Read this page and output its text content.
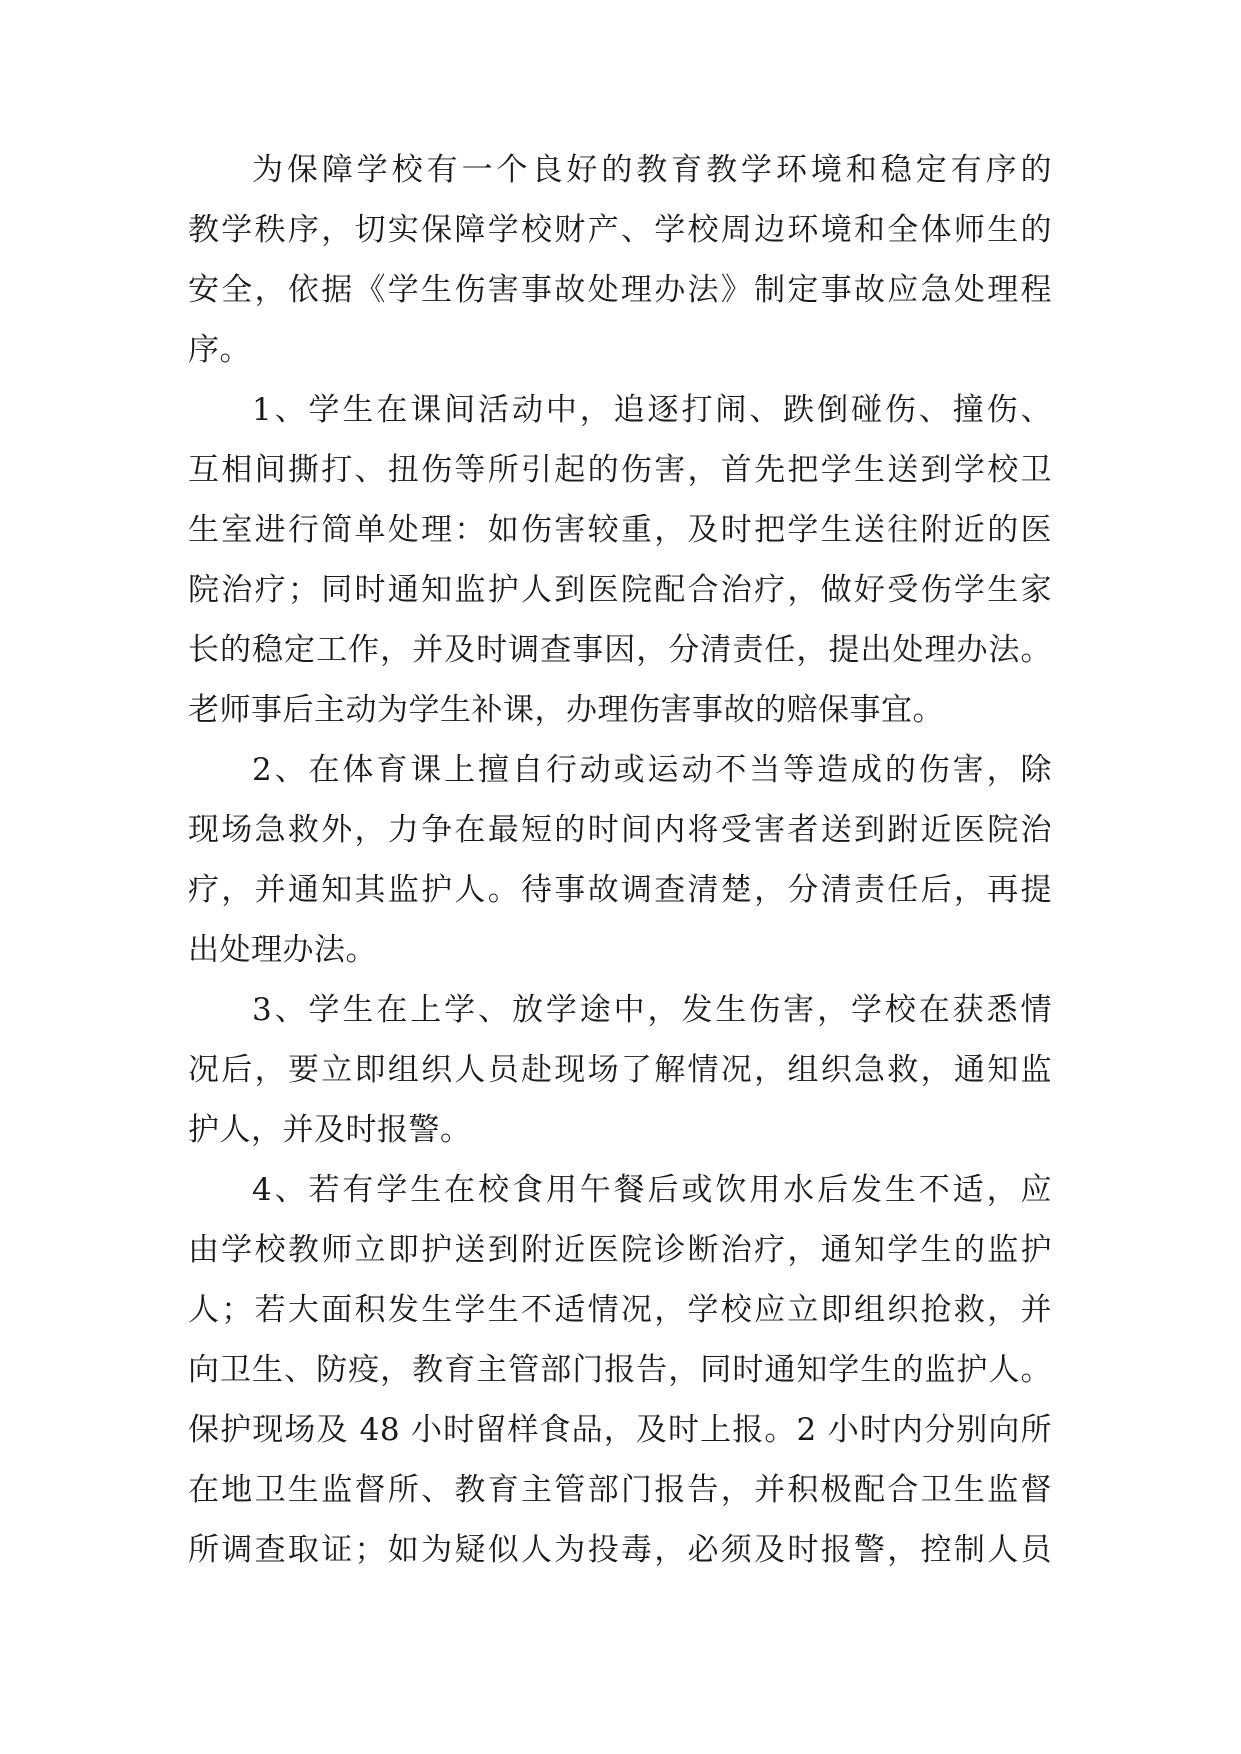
为保障学校有一个良好的教育教学环境和稳定有序的
教学秩序，切实保障学校财产、学校周边环境和全体师生的
安全，依据《学生伤害事故处理办法》制定事故应急处理程
序。
1、学生在课间活动中，追逐打闹、跌倒碰伤、撞伤、
互相间撕打、扭伤等所引起的伤害，首先把学生送到学校卫
生室进行简单处理：如伤害较重，及时把学生送往附近的医
院治疗；同时通知监护人到医院配合治疗，做好受伤学生家
长的稳定工作，并及时调查事因，分清责任，提出处理办法。
老师事后主动为学生补课，办理伤害事故的赔保事宜。
2、在体育课上擅自行动或运动不当等造成的伤害，除
现场急救外，力争在最短的时间内将受害者送到跗近医院治
疗，并通知其监护人。待事故调查清楚，分清责任后，再提
出处理办法。
3、学生在上学、放学途中，发生伤害，学校在获悉情
况后，要立即组织人员赴现场了解情况，组织急救，通知监
护人，并及时报警。
4、若有学生在校食用午餐后或饮用水后发生不适，应
由学校教师立即护送到附近医院诊断治疗，通知学生的监护
人；若大面积发生学生不适情况，学校应立即组织抢救，并
向卫生、防疫，教育主管部门报告，同时通知学生的监护人。
保护现场及 48 小时留样食品，及时上报。2 小时内分别向所
在地卫生监督所、教育主管部门报告，并积极配合卫生监督
所调查取证；如为疑似人为投毒，必须及时报警，控制人员
